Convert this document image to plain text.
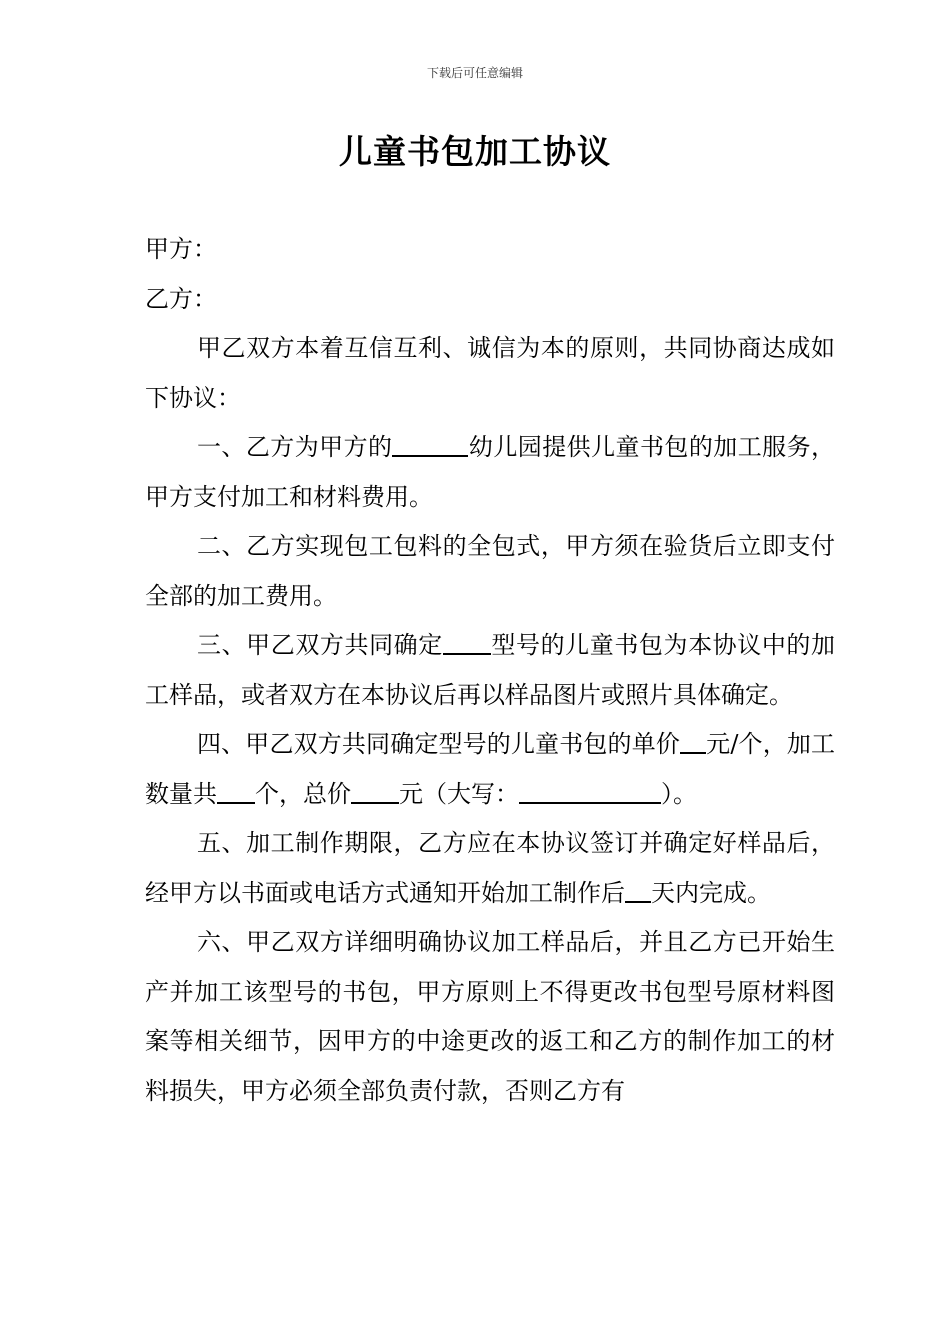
下载后可任意编辑
儿童书包加工协议

甲方：

乙方：

甲乙双方本着互信互利、诚信为本的原则，共同协商达成如下协议：

一、乙方为甲方的	幼儿园提供儿童书包的加工服务，甲方支付加工和材料费用。

二、乙方实现包工包料的全包式，甲方须在验货后立即支付全部的加工费用。

三、甲乙双方共同确定 型号的儿童书包为本协议中的加工样品，或者双方在本协议后再以样品图片或照片具体确定。

四、甲乙双方共同确定型号的儿童书包的单价 元/个，加工数量共 个，总价 元（大写：	）。

五、加工制作期限，乙方应在本协议签订并确定好样品后，经甲方以书面或电话方式通知开始加工制作后 天内完成。

六、甲乙双方详细明确协议加工样品后，并且乙方已开始生产并加工该型号的书包，甲方原则上不得更改书包型号原材料图案等相关细节，因甲方的中途更改的返工和乙方的制作加工的材料损失，甲方必须全部负责付款，否则乙方有
